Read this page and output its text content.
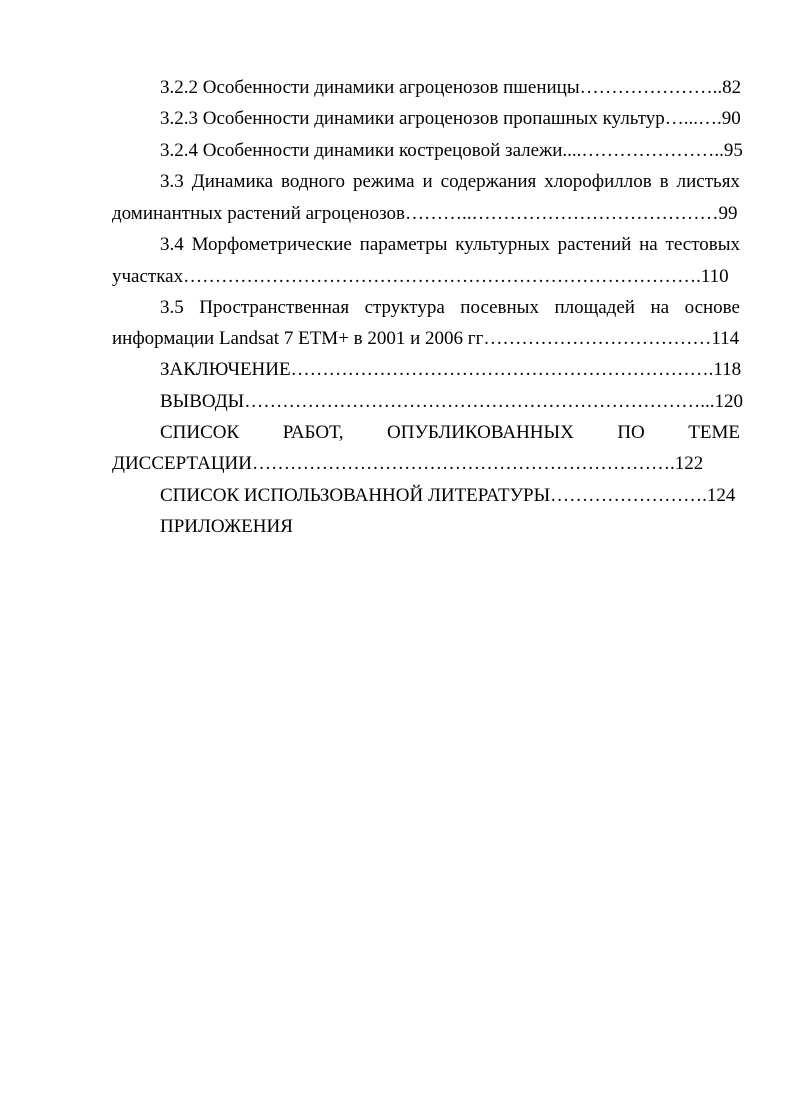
3.2.2 Особенности динамики агроценозов пшеницы…………………..82
3.2.3 Особенности динамики агроценозов пропашных культур…...….90
3.2.4 Особенности динамики кострецовой залежи....…………………..95
3.3 Динамика водного режима и содержания хлорофиллов в листьях
доминантных растений агроценозов………..…………………………………99
3.4 Морфометрические параметры культурных растений на тестовых
участках……………………………………………………………………….110
3.5 Пространственная структура посевных площадей на основе
информации Landsat 7 ETM+ в 2001 и 2006 гг………………………………114
ЗАКЛЮЧЕНИЕ………………………………………………………….118
ВЫВОДЫ………………………………………………………………...120
СПИСОК РАБОТ, ОПУБЛИКОВАННЫХ ПО ТЕМЕ
ДИССЕРТАЦИИ………………………………………………………….122
СПИСОК ИСПОЛЬЗОВАННОЙ ЛИТЕРАТУРЫ…………………….124
ПРИЛОЖЕНИЯ
